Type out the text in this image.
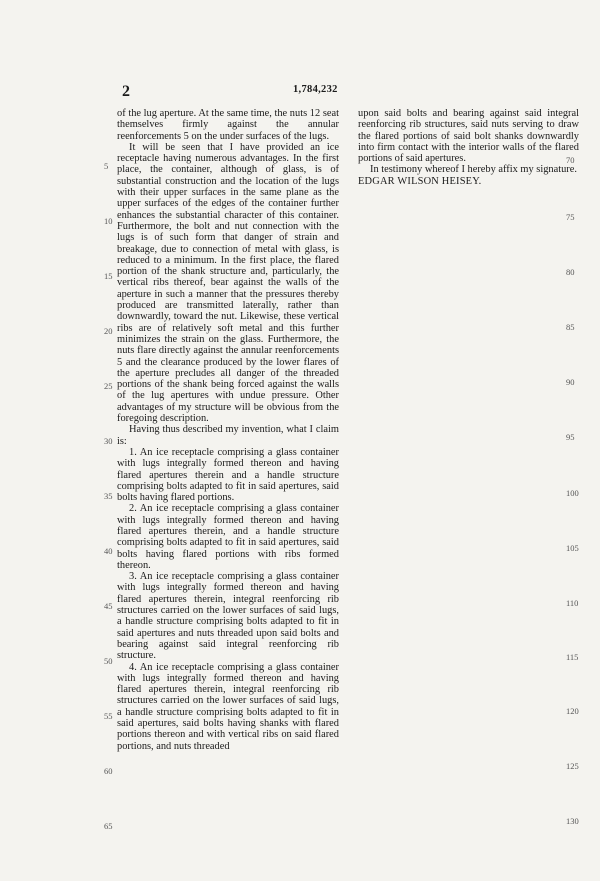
2	1,784,232

of the lug aperture. At the same time, the nuts 12 seat themselves firmly against the annular reenforcements 5 on the under surfaces of the lugs.

It will be seen that I have provided an ice receptacle having numerous advantages. In the first place, the container, although of glass, is of substantial construction and the location of the lugs with their upper surfaces in the same plane as the upper surfaces of the edges of the container further enhances the substantial character of this container. Furthermore, the bolt and nut connection with the lugs is of such form that danger of strain and breakage, due to connection of metal with glass, is reduced to a minimum. In the first place, the flared portion of the shank structure and, particularly, the vertical ribs thereof, bear against the walls of the aperture in such a manner that the pressures thereby produced are transmitted laterally, rather than downwardly, toward the nut. Likewise, these vertical ribs are of relatively soft metal and this further minimizes the strain on the glass. Furthermore, the nuts flare directly against the annular reenforcements 5 and the clearance produced by the lower flares of the aperture precludes all danger of the threaded portions of the shank being forced against the walls of the lug apertures with undue pressure. Other advantages of my structure will be obvious from the foregoing description.

Having thus described my invention, what I claim is:

1. An ice receptacle comprising a glass container with lugs integrally formed thereon and having flared apertures therein and a handle structure comprising bolts adapted to fit in said apertures, said bolts having flared portions.

2. An ice receptacle comprising a glass container with lugs integrally formed thereon and having flared apertures therein, and a handle structure comprising bolts adapted to fit in said apertures, said bolts having flared portions with ribs formed thereon.

3. An ice receptacle comprising a glass container with lugs integrally formed thereon and having flared apertures therein, integral reenforcing rib structures carried on the lower surfaces of said lugs, a handle structure comprising bolts adapted to fit in said apertures and nuts threaded upon said bolts and bearing against said integral reenforcing rib structure.

4. An ice receptacle comprising a glass container with lugs integrally formed thereon and having flared apertures therein, integral reenforcing rib structures carried on the lower surfaces of said lugs, a handle structure comprising bolts adapted to fit in said apertures, said bolts having shanks with flared portions thereon and with vertical ribs on said flared portions, and nuts threaded

upon said bolts and bearing against said integral reenforcing rib structures, said nuts serving to draw the flared portions of said bolt shanks downwardly into firm contact with the interior walls of the flared portions of said apertures.

In testimony whereof I hereby affix my signature.

EDGAR WILSON HEISEY.

5
10
15
20
25
30
35
40
45
50
55
60
65
70
75
80
85
90
95
100
105
110
115
120
125
130
